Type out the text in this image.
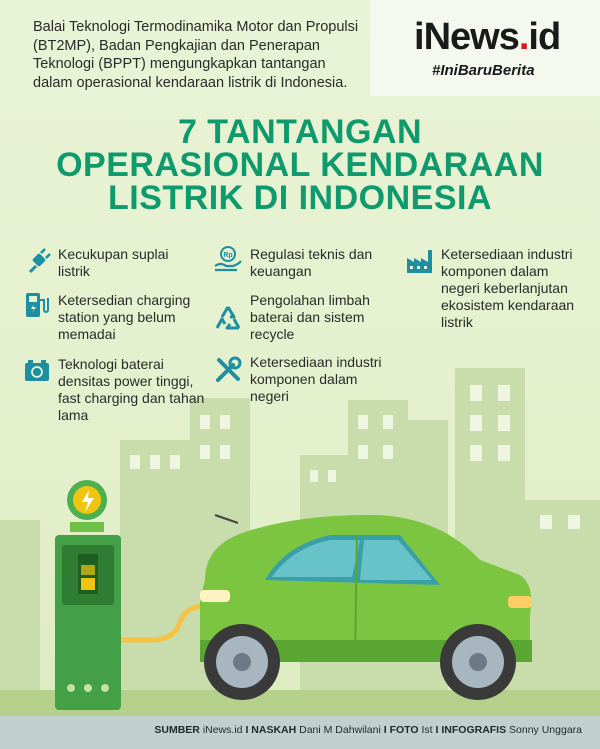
iNews.id
#IniBaruBerita
Balai Teknologi Termodinamika Motor dan Propulsi (BT2MP), Badan Pengkajian dan Penerapan Teknologi (BPPT) mengungkapkan tantangan dalam operasional kendaraan listrik di Indonesia.
7 TANTANGAN
OPERASIONAL KENDARAAN
LISTRIK DI INDONESIA
Kecukupan suplai listrik
Ketersedian charging station yang belum memadai
Teknologi baterai densitas power tinggi, fast charging dan tahan lama
Rp Regulasi teknis dan keuangan
Pengolahan limbah baterai dan sistem recycle
Ketersediaan industri komponen dalam negeri
Ketersediaan industri komponen dalam negeri keberlanjutan ekosistem kendaraan listrik
SUMBER iNews.id I NASKAH Dani M Dahwilani I FOTO Ist I INFOGRAFIS Sonny Unggara
